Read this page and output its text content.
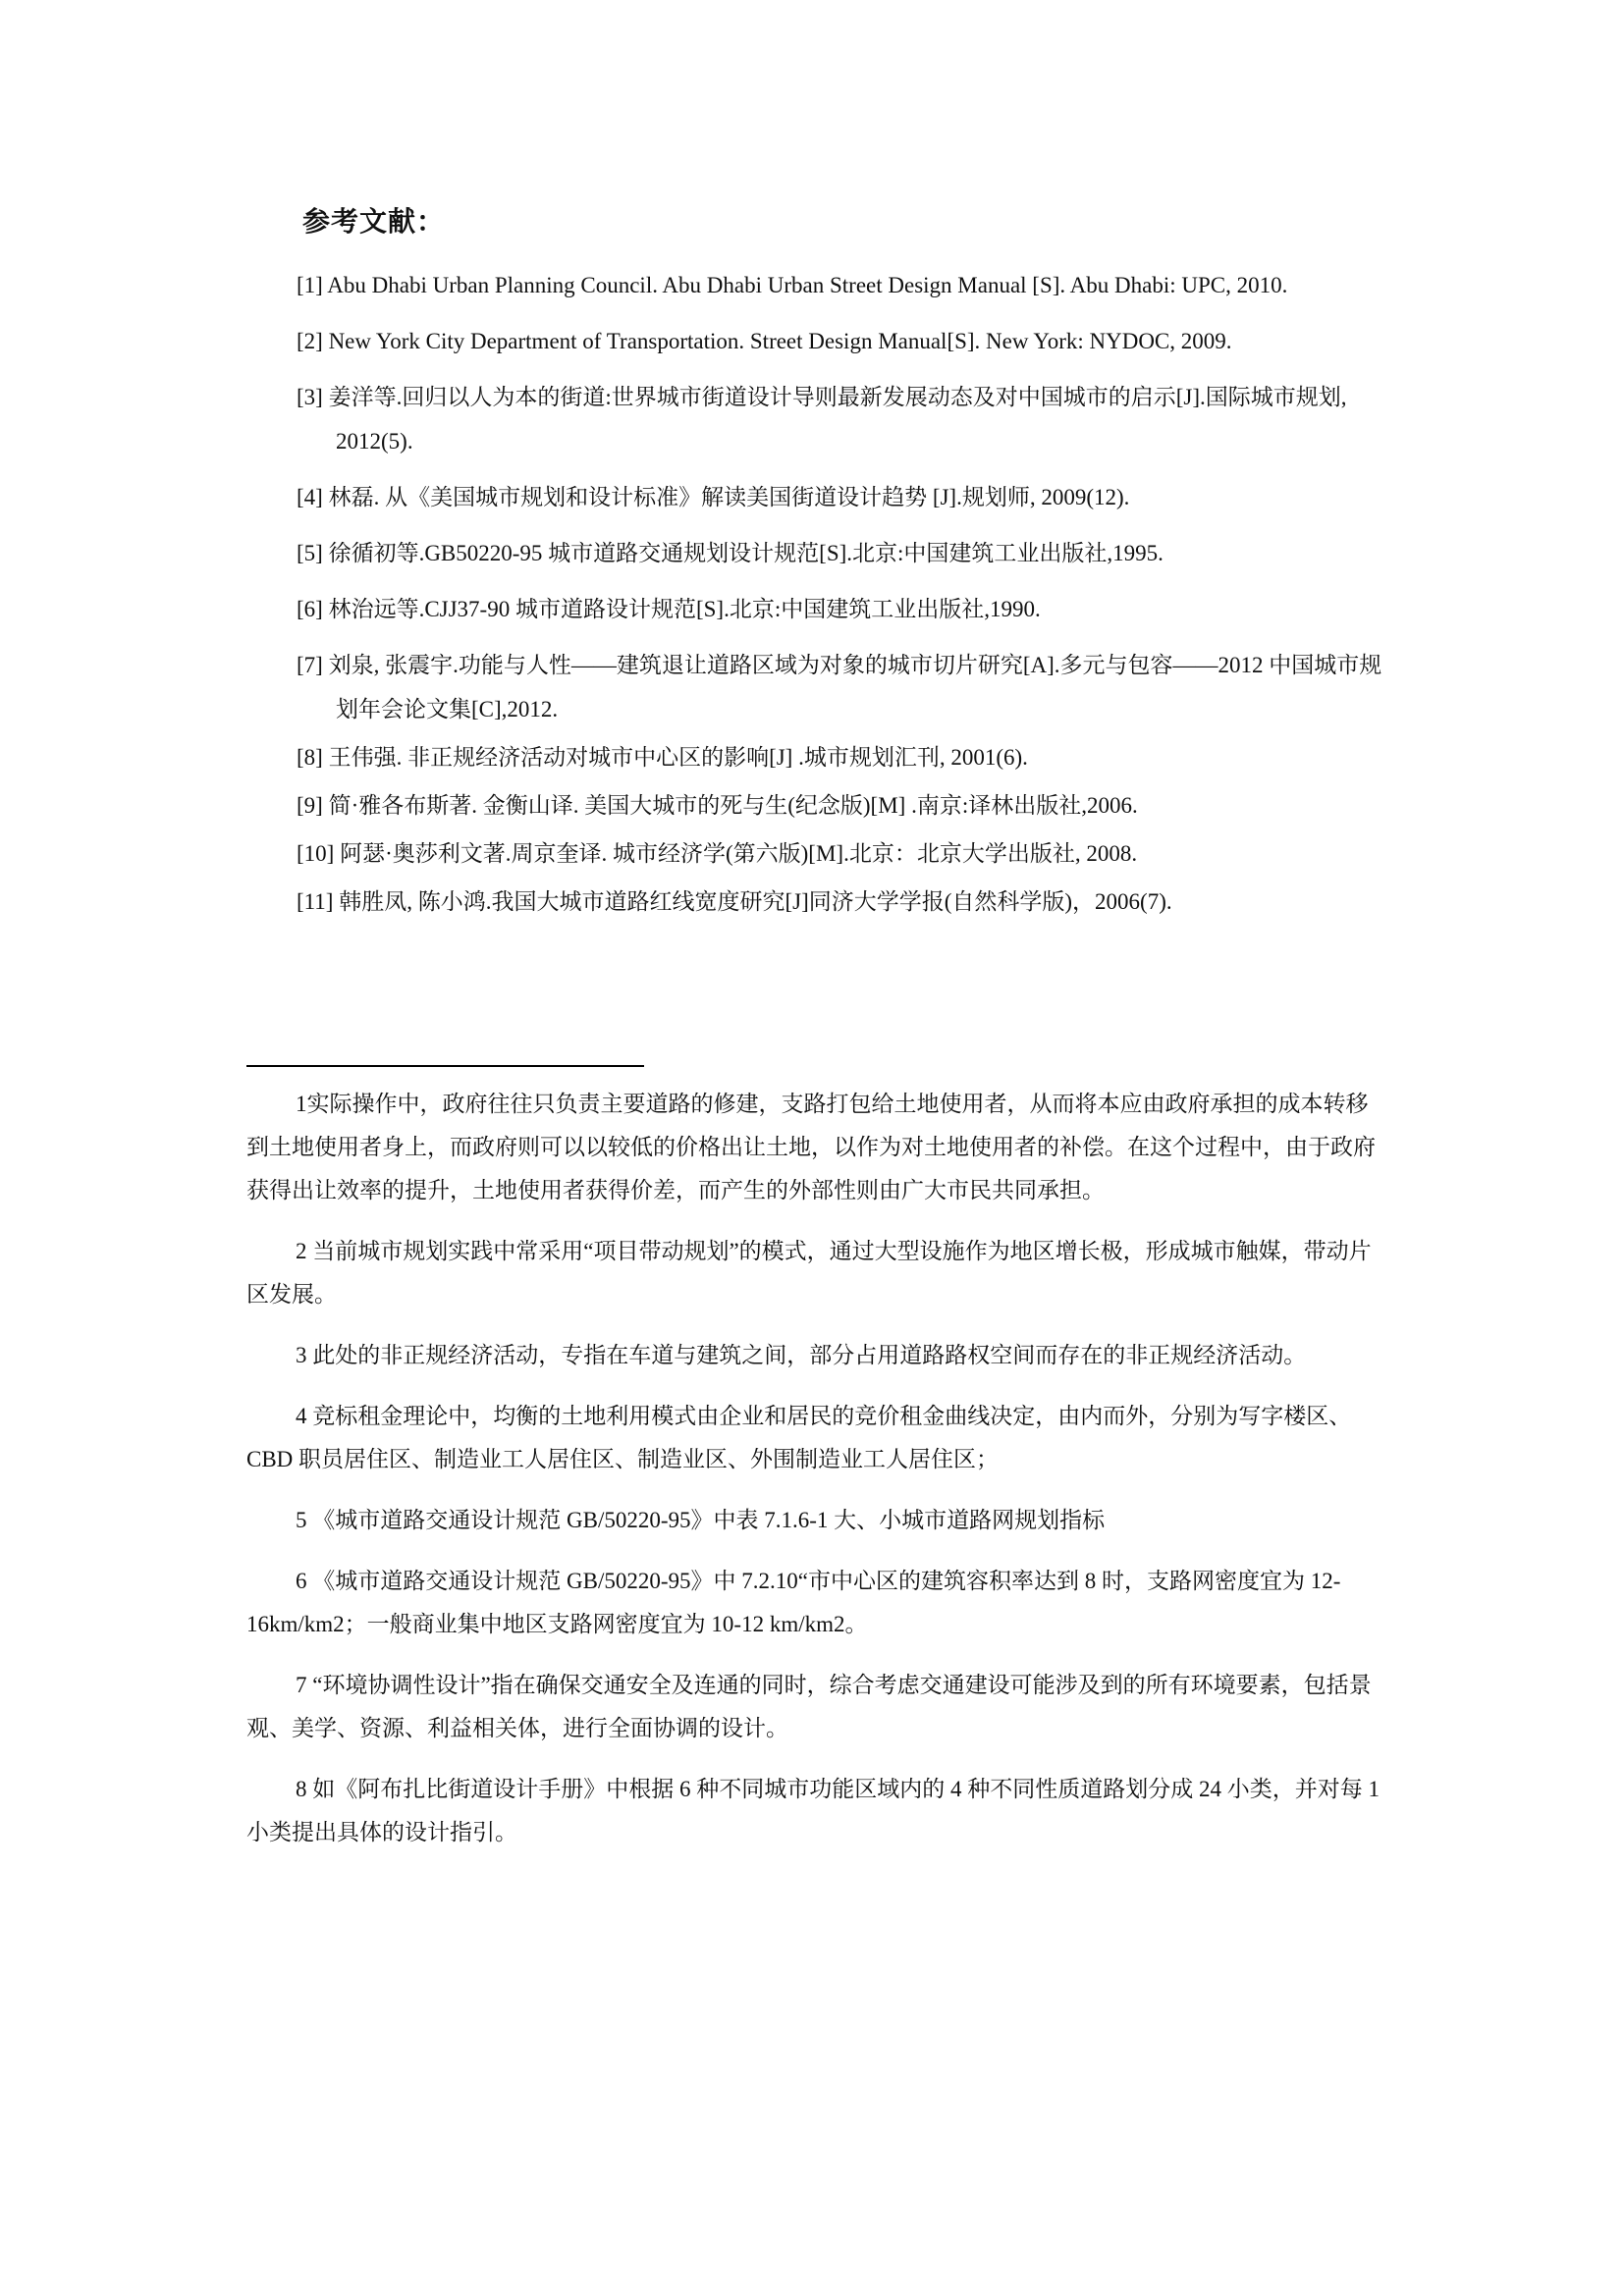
参考文献：
[1] Abu Dhabi Urban Planning Council. Abu Dhabi Urban Street Design Manual [S]. Abu Dhabi: UPC, 2010.
[2] New York City Department of Transportation. Street Design Manual[S]. New York: NYDOC, 2009.
[3] 姜洋等.回归以人为本的街道:世界城市街道设计导则最新发展动态及对中国城市的启示[J].国际城市规划, 2012(5).
[4] 林磊. 从《美国城市规划和设计标准》解读美国街道设计趋势 [J].规划师, 2009(12).
[5] 徐循初等.GB50220-95 城市道路交通规划设计规范[S].北京:中国建筑工业出版社,1995.
[6] 林治远等.CJJ37-90 城市道路设计规范[S].北京:中国建筑工业出版社,1990.
[7] 刘泉, 张震宇.功能与人性——建筑退让道路区域为对象的城市切片研究[A].多元与包容——2012 中国城市规划年会论文集[C],2012.
[8] 王伟强. 非正规经济活动对城市中心区的影响[J] .城市规划汇刊, 2001(6).
[9] 简·雅各布斯著. 金衡山译. 美国大城市的死与生(纪念版)[M] .南京:译林出版社,2006.
[10] 阿瑟·奥莎利文著.周京奎译. 城市经济学(第六版)[M].北京：北京大学出版社, 2008.
[11] 韩胜凤, 陈小鸿.我国大城市道路红线宽度研究[J]同济大学学报(自然科学版)，2006(7).

1实际操作中，政府往往只负责主要道路的修建，支路打包给土地使用者，从而将本应由政府承担的成本转移到土地使用者身上，而政府则可以以较低的价格出让土地，以作为对土地使用者的补偿。在这个过程中，由于政府获得出让效率的提升，土地使用者获得价差，而产生的外部性则由广大市民共同承担。

2 当前城市规划实践中常采用“项目带动规划”的模式，通过大型设施作为地区增长极，形成城市触媒，带动片区发展。

3 此处的非正规经济活动，专指在车道与建筑之间，部分占用道路路权空间而存在的非正规经济活动。

4 竞标租金理论中，均衡的土地利用模式由企业和居民的竞价租金曲线决定，由内而外，分别为写字楼区、CBD 职员居住区、制造业工人居住区、制造业区、外围制造业工人居住区；

5 《城市道路交通设计规范 GB/50220-95》中表 7.1.6-1 大、小城市道路网规划指标

6 《城市道路交通设计规范 GB/50220-95》中 7.2.10“市中心区的建筑容积率达到 8 时，支路网密度宜为 12-16km/km2；一般商业集中地区支路网密度宜为 10-12 km/km2。

7 “环境协调性设计”指在确保交通安全及连通的同时，综合考虑交通建设可能涉及到的所有环境要素，包括景观、美学、资源、利益相关体，进行全面协调的设计。

8 如《阿布扎比街道设计手册》中根据 6 种不同城市功能区域内的 4 种不同性质道路划分成 24 小类，并对每 1 小类提出具体的设计指引。
